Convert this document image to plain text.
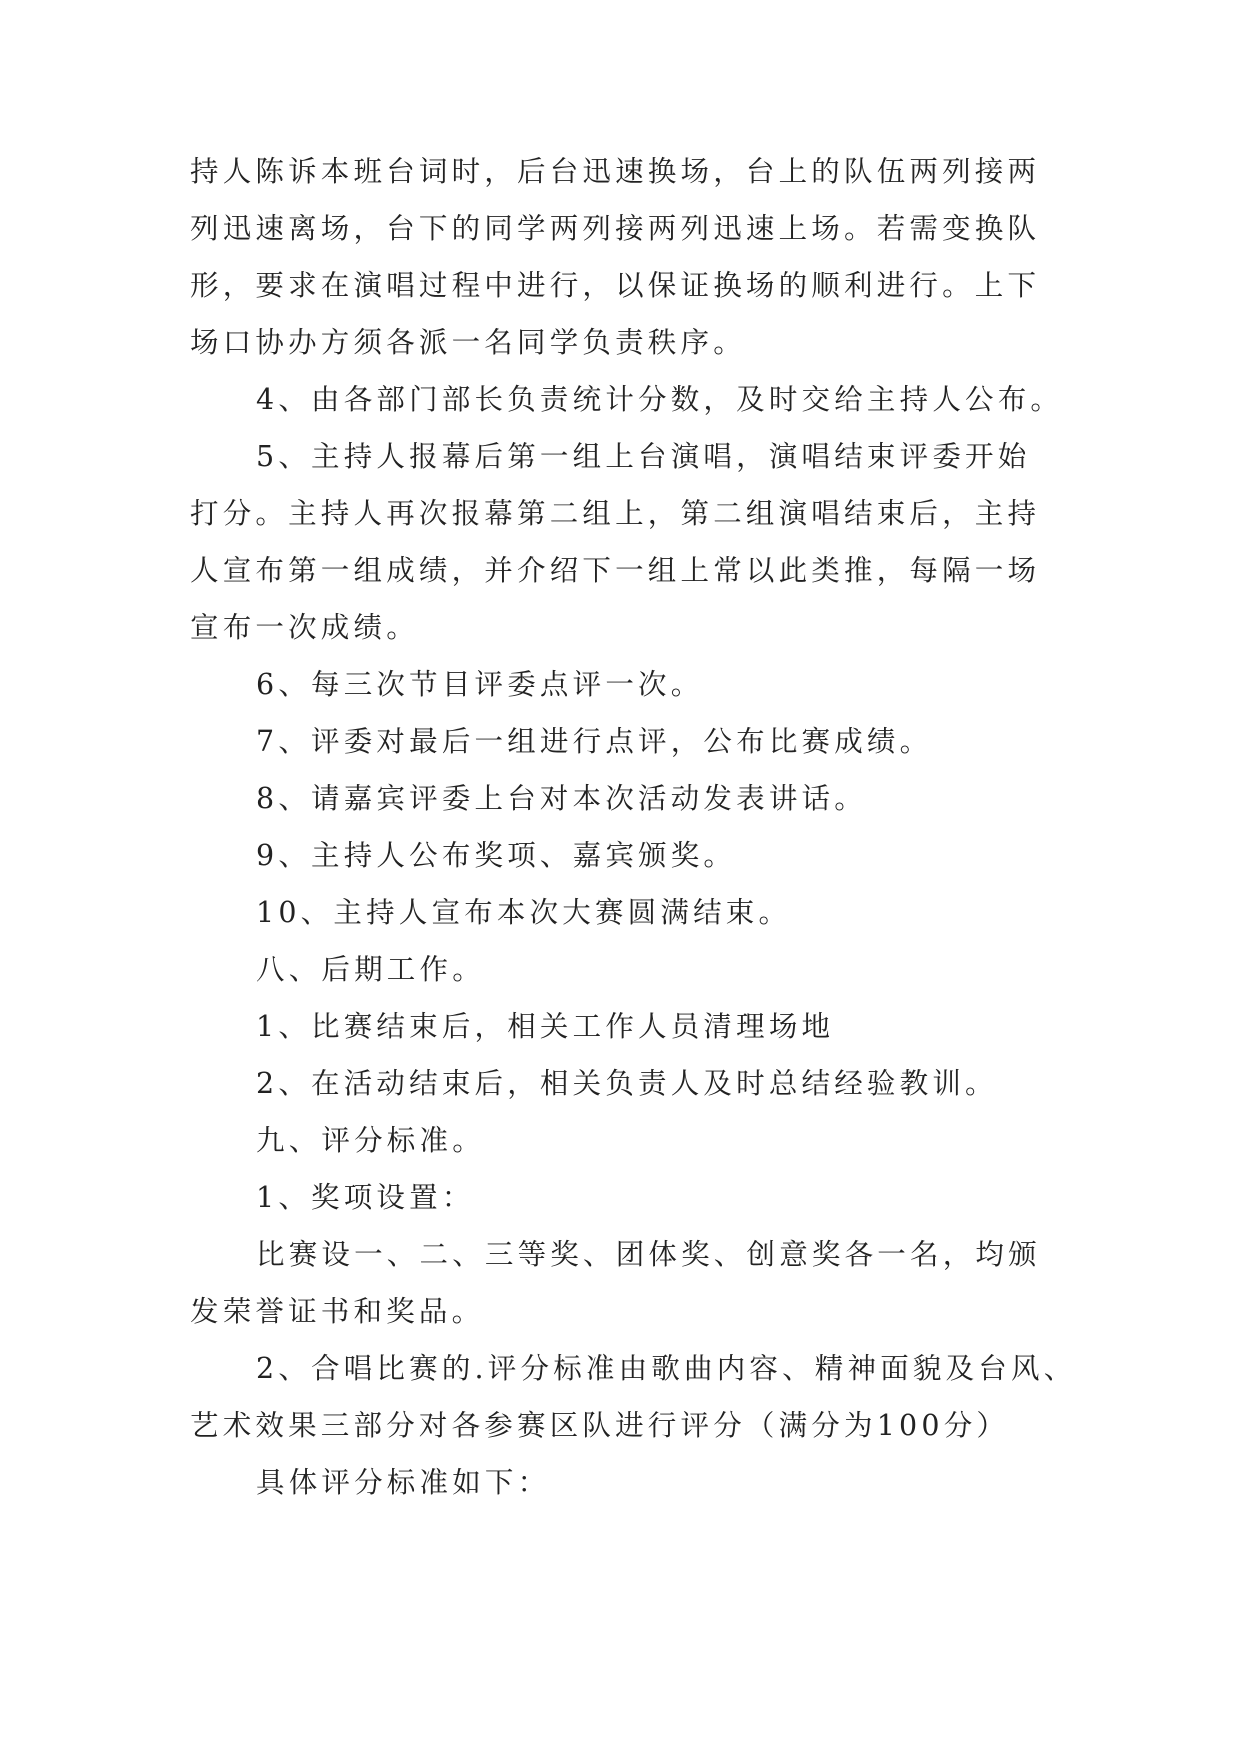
持人陈诉本班台词时，后台迅速换场，台上的队伍两列接两
列迅速离场，台下的同学两列接两列迅速上场。若需变换队
形，要求在演唱过程中进行，以保证换场的顺利进行。上下
场口协办方须各派一名同学负责秩序。
4、由各部门部长负责统计分数，及时交给主持人公布。
5、主持人报幕后第一组上台演唱，演唱结束评委开始
打分。主持人再次报幕第二组上，第二组演唱结束后，主持
人宣布第一组成绩，并介绍下一组上常以此类推，每隔一场
宣布一次成绩。
6、每三次节目评委点评一次。
7、评委对最后一组进行点评，公布比赛成绩。
8、请嘉宾评委上台对本次活动发表讲话。
9、主持人公布奖项、嘉宾颁奖。
10、主持人宣布本次大赛圆满结束。
八、后期工作。
1、比赛结束后，相关工作人员清理场地
2、在活动结束后，相关负责人及时总结经验教训。
九、评分标准。
1、奖项设置：
比赛设一、二、三等奖、团体奖、创意奖各一名，均颁
发荣誉证书和奖品。
2、合唱比赛的.评分标准由歌曲内容、精神面貌及台风、
艺术效果三部分对各参赛区队进行评分（满分为100分）
具体评分标准如下：
